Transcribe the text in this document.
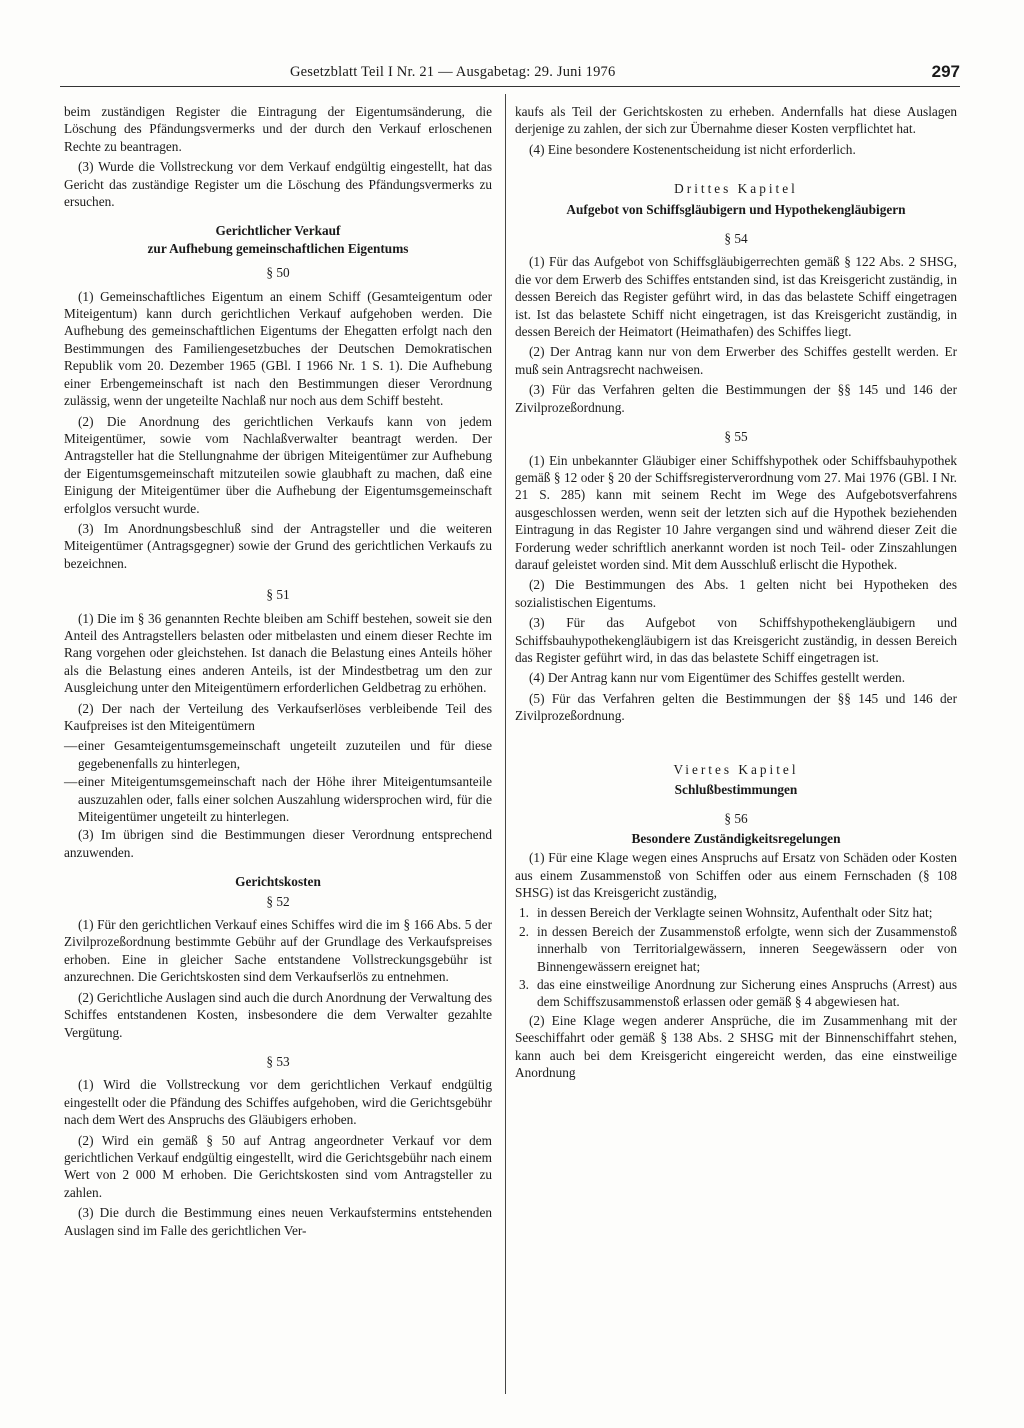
Gesetzblatt Teil I Nr. 21 — Ausgabetag: 29. Juni 1976	297

beim zuständigen Register die Eintragung der Eigentumsänderung, die Löschung des Pfändungsvermerks und der durch den Verkauf erloschenen Rechte zu beantragen.

(3) Wurde die Vollstreckung vor dem Verkauf endgültig eingestellt, hat das Gericht das zuständige Register um die Löschung des Pfändungsvermerks zu ersuchen.

Gerichtlicher Verkauf
zur Aufhebung gemeinschaftlichen Eigentums
§ 50

(1) Gemeinschaftliches Eigentum an einem Schiff (Gesamteigentum oder Miteigentum) kann durch gerichtlichen Verkauf aufgehoben werden. Die Aufhebung des gemeinschaftlichen Eigentums der Ehegatten erfolgt nach den Bestimmungen des Familiengesetzbuches der Deutschen Demokratischen Republik vom 20. Dezember 1965 (GBl. I 1966 Nr. 1 S. 1). Die Aufhebung einer Erbengemeinschaft ist nach den Bestimmungen dieser Verordnung zulässig, wenn der ungeteilte Nachlaß nur noch aus dem Schiff besteht.

(2) Die Anordnung des gerichtlichen Verkaufs kann von jedem Miteigentümer, sowie vom Nachlaßverwalter beantragt werden. Der Antragsteller hat die Stellungnahme der übrigen Miteigentümer zur Aufhebung der Eigentumsgemeinschaft mitzuteilen sowie glaubhaft zu machen, daß eine Einigung der Miteigentümer über die Aufhebung der Eigentumsgemeinschaft erfolglos versucht wurde.

(3) Im Anordnungsbeschluß sind der Antragsteller und die weiteren Miteigentümer (Antragsgegner) sowie der Grund des gerichtlichen Verkaufs zu bezeichnen.

§ 51

(1) Die im § 36 genannten Rechte bleiben am Schiff bestehen, soweit sie den Anteil des Antragstellers belasten oder mitbelasten und einem dieser Rechte im Rang vorgehen oder gleichstehen. Ist danach die Belastung eines Anteils höher als die Belastung eines anderen Anteils, ist der Mindestbetrag um den zur Ausgleichung unter den Miteigentümern erforderlichen Geldbetrag zu erhöhen.

(2) Der nach der Verteilung des Verkaufserlöses verbleibende Teil des Kaufpreises ist den Miteigentümern

— einer Gesamteigentumsgemeinschaft ungeteilt zuzuteilen und für diese gegebenenfalls zu hinterlegen,
— einer Miteigentumsgemeinschaft nach der Höhe ihrer Miteigentumsanteile auszuzahlen oder, falls einer solchen Auszahlung widersprochen wird, für die Miteigentümer ungeteilt zu hinterlegen.

(3) Im übrigen sind die Bestimmungen dieser Verordnung entsprechend anzuwenden.

Gerichtskosten
§ 52

(1) Für den gerichtlichen Verkauf eines Schiffes wird die im § 166 Abs. 5 der Zivilprozeßordnung bestimmte Gebühr auf der Grundlage des Verkaufspreises erhoben. Eine in gleicher Sache entstandene Vollstreckungsgebühr ist anzurechnen. Die Gerichtskosten sind dem Verkaufserlös zu entnehmen.

(2) Gerichtliche Auslagen sind auch die durch Anordnung der Verwaltung des Schiffes entstandenen Kosten, insbesondere die dem Verwalter gezahlte Vergütung.

§ 53

(1) Wird die Vollstreckung vor dem gerichtlichen Verkauf endgültig eingestellt oder die Pfändung des Schiffes aufgehoben, wird die Gerichtsgebühr nach dem Wert des Anspruchs des Gläubigers erhoben.

(2) Wird ein gemäß § 50 auf Antrag angeordneter Verkauf vor dem gerichtlichen Verkauf endgültig eingestellt, wird die Gerichtsgebühr nach einem Wert von 2 000 M erhoben. Die Gerichtskosten sind vom Antragsteller zu zahlen.

(3) Die durch die Bestimmung eines neuen Verkaufstermins entstehenden Auslagen sind im Falle des gerichtlichen Ver-

kaufs als Teil der Gerichtskosten zu erheben. Andernfalls hat diese Auslagen derjenige zu zahlen, der sich zur Übernahme dieser Kosten verpflichtet hat.

(4) Eine besondere Kostenentscheidung ist nicht erforderlich.

Drittes Kapitel
Aufgebot von Schiffsgläubigern und Hypothekengläubigern
§ 54

(1) Für das Aufgebot von Schiffsgläubigerrechten gemäß § 122 Abs. 2 SHSG, die vor dem Erwerb des Schiffes entstanden sind, ist das Kreisgericht zuständig, in dessen Bereich das Register geführt wird, in das das belastete Schiff eingetragen ist. Ist das belastete Schiff nicht eingetragen, ist das Kreisgericht zuständig, in dessen Bereich der Heimatort (Heimathafen) des Schiffes liegt.

(2) Der Antrag kann nur von dem Erwerber des Schiffes gestellt werden. Er muß sein Antragsrecht nachweisen.

(3) Für das Verfahren gelten die Bestimmungen der §§ 145 und 146 der Zivilprozeßordnung.

§ 55

(1) Ein unbekannter Gläubiger einer Schiffshypothek oder Schiffsbauhypothek gemäß § 12 oder § 20 der Schiffsregisterverordnung vom 27. Mai 1976 (GBl. I Nr. 21 S. 285) kann mit seinem Recht im Wege des Aufgebotsverfahrens ausgeschlossen werden, wenn seit der letzten sich auf die Hypothek beziehenden Eintragung in das Register 10 Jahre vergangen sind und während dieser Zeit die Forderung weder schriftlich anerkannt worden ist noch Teil- oder Zinszahlungen darauf geleistet worden sind. Mit dem Ausschluß erlischt die Hypothek.

(2) Die Bestimmungen des Abs. 1 gelten nicht bei Hypotheken des sozialistischen Eigentums.

(3) Für das Aufgebot von Schiffshypothekengläubigern und Schiffsbauhypothekengläubigern ist das Kreisgericht zuständig, in dessen Bereich das Register geführt wird, in das das belastete Schiff eingetragen ist.

(4) Der Antrag kann nur vom Eigentümer des Schiffes gestellt werden.

(5) Für das Verfahren gelten die Bestimmungen der §§ 145 und 146 der Zivilprozeßordnung.

Viertes Kapitel
Schlußbestimmungen
§ 56
Besondere Zuständigkeitsregelungen

(1) Für eine Klage wegen eines Anspruchs auf Ersatz von Schäden oder Kosten aus einem Zusammenstoß von Schiffen oder aus einem Fernschaden (§ 108 SHSG) ist das Kreisgericht zuständig,

1. in dessen Bereich der Verklagte seinen Wohnsitz, Aufenthalt oder Sitz hat;
2. in dessen Bereich der Zusammenstoß erfolgte, wenn sich der Zusammenstoß innerhalb von Territorialgewässern, inneren Seegewässern oder von Binnengewässern ereignet hat;
3. das eine einstweilige Anordnung zur Sicherung eines Anspruchs (Arrest) aus dem Schiffszusammenstoß erlassen oder gemäß § 4 abgewiesen hat.

(2) Eine Klage wegen anderer Ansprüche, die im Zusammenhang mit der Seeschiffahrt oder gemäß § 138 Abs. 2 SHSG mit der Binnenschiffahrt stehen, kann auch bei dem Kreisgericht eingereicht werden, das eine einstweilige Anordnung
